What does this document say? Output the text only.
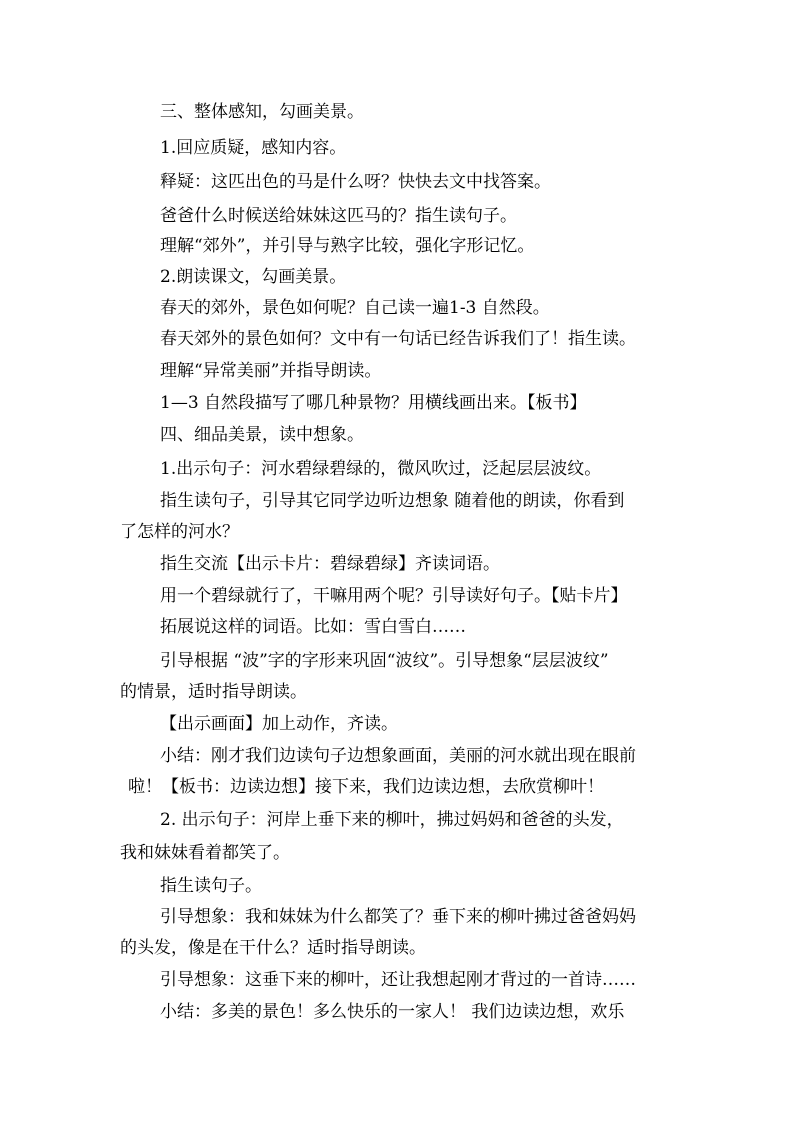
三、整体感知，勾画美景。
1.回应质疑，感知内容。
释疑：这匹出色的马是什么呀？快快去文中找答案。
爸爸什么时候送给妹妹这匹马的？指生读句子。
理解“郊外”，并引导与熟字比较，强化字形记忆。
2.朗读课文，勾画美景。
春天的郊外，景色如何呢？自己读一遍1-3 自然段。
春天郊外的景色如何？文中有一句话已经告诉我们了！指生读。
理解“异常美丽”并指导朗读。
1—3 自然段描写了哪几种景物？用横线画出来。【板书】
四、细品美景，读中想象。
1.出示句子：河水碧绿碧绿的，微风吹过，泛起层层波纹。
指生读句子，引导其它同学边听边想象 随着他的朗读，你看到
了怎样的河水？
指生交流【出示卡片：碧绿碧绿】齐读词语。
用一个碧绿就行了，干嘛用两个呢？引导读好句子。【贴卡片】
拓展说这样的词语。比如：雪白雪白……
引导根据 “波”字的字形来巩固“波纹”。引导想象“层层波纹”
的情景，适时指导朗读。
【出示画面】加上动作，齐读。
小结：刚才我们边读句子边想象画面，美丽的河水就出现在眼前
啦！【板书：边读边想】接下来，我们边读边想，去欣赏柳叶！
2. 出示句子：河岸上垂下来的柳叶，拂过妈妈和爸爸的头发，
我和妹妹看着都笑了。
指生读句子。
引导想象：我和妹妹为什么都笑了？垂下来的柳叶拂过爸爸妈妈
的头发，像是在干什么？适时指导朗读。
引导想象：这垂下来的柳叶，还让我想起刚才背过的一首诗……
小结：多美的景色！多么快乐的一家人！ 我们边读边想，欢乐
